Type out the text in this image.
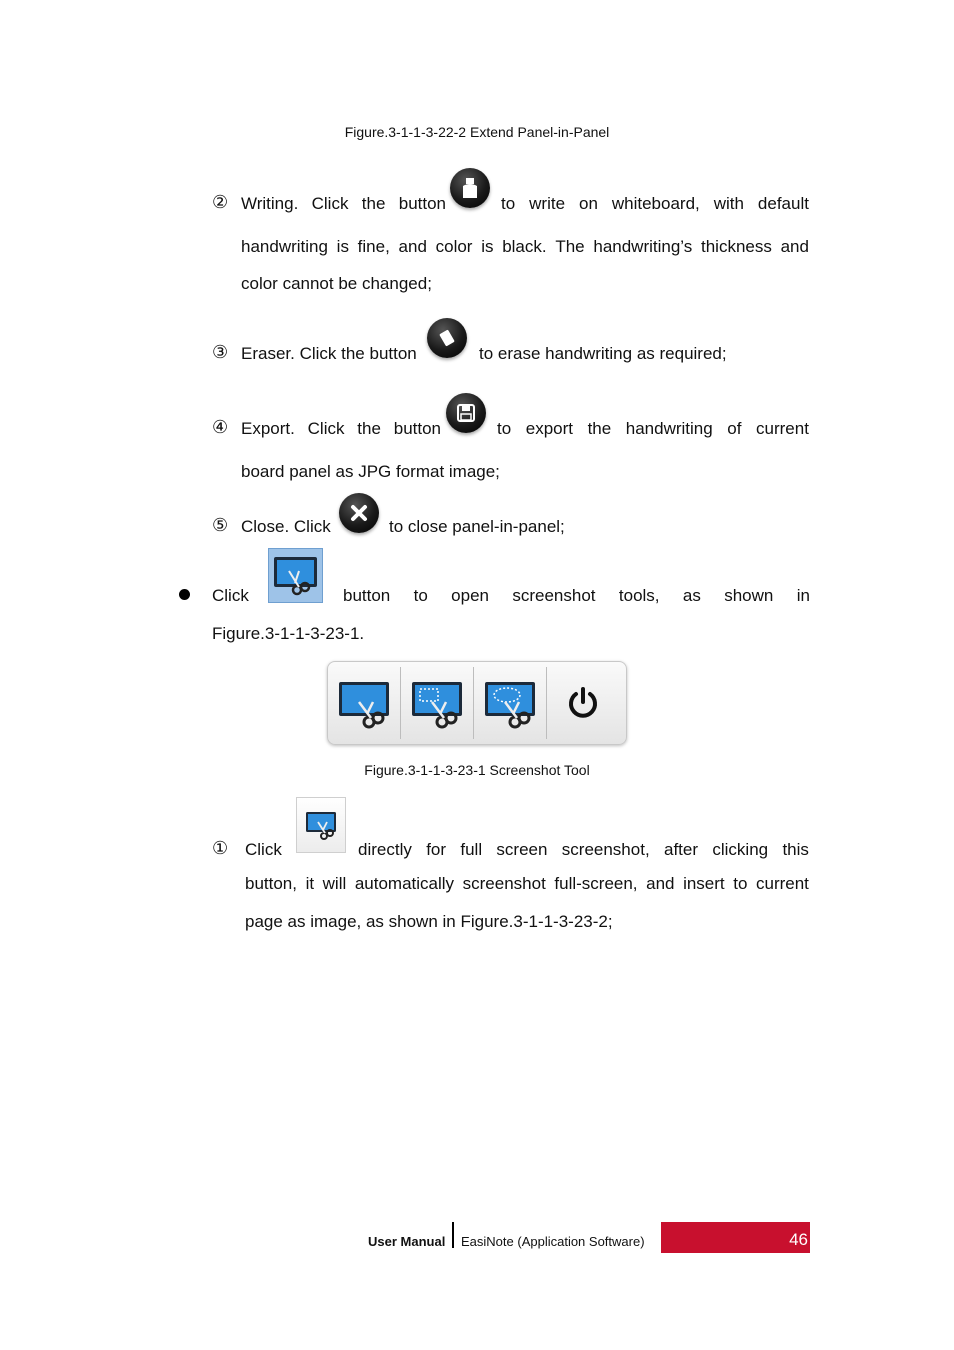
Figure.3-1-1-3-22-2 Extend Panel-in-Panel
② Writing. Click the button	to write on whiteboard, with default
handwriting is fine, and color is black. The handwriting’s thickness and
color cannot be changed;
③ Eraser. Click the button	to erase handwriting as required;
④ Export. Click the button	to export the handwriting of current
board panel as JPG format image;
⑤ Close. Click	to close panel-in-panel;
Click	button to open screenshot tools, as shown in
Figure.3-1-1-3-23-1.
Figure.3-1-1-3-23-1 Screenshot Tool
① Click	directly for full screen screenshot, after clicking this
button, it will automatically screenshot full-screen, and insert to current
page as image, as shown in Figure.3-1-1-3-23-2;
User Manual EasiNote (Application Software)	46
